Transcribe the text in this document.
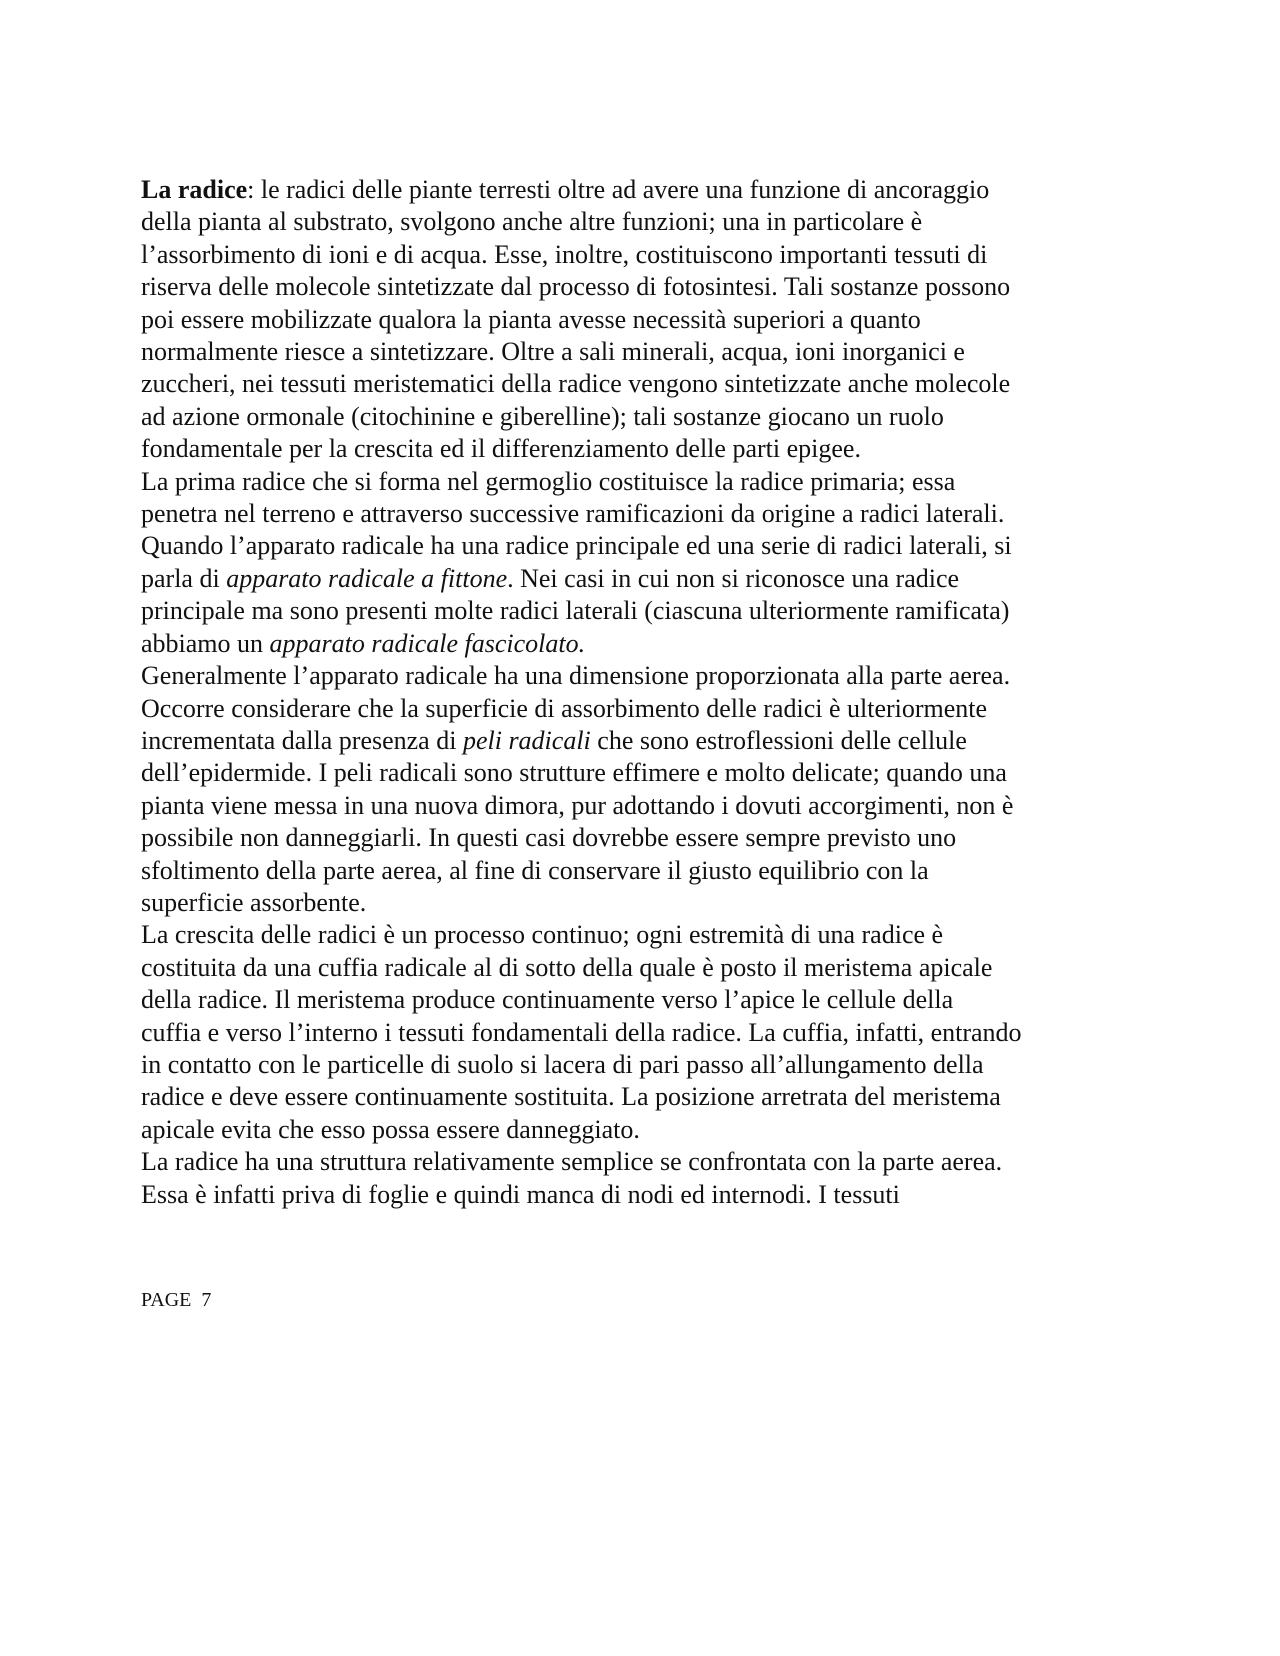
La radice: le radici delle piante terresti oltre ad avere una funzione di ancoraggio
della pianta al substrato, svolgono anche altre funzioni; una in particolare è
l’assorbimento di ioni e di acqua. Esse, inoltre, costituiscono importanti tessuti di
riserva delle molecole sintetizzate dal processo di fotosintesi. Tali sostanze possono
poi essere mobilizzate qualora la pianta avesse necessità superiori a quanto
normalmente riesce a sintetizzare. Oltre a sali minerali, acqua, ioni inorganici e
zuccheri, nei tessuti meristematici della radice vengono sintetizzate anche molecole
ad azione ormonale (citochinine e giberelline); tali sostanze giocano un ruolo
fondamentale per la crescita ed il differenziamento delle parti epigee.

La prima radice che si forma nel germoglio costituisce la radice primaria; essa
penetra nel terreno e attraverso successive ramificazioni da origine a radici laterali.
Quando l’apparato radicale ha una radice principale ed una serie di radici laterali, si
parla di apparato radicale a fittone. Nei casi in cui non si riconosce una radice
principale ma sono presenti molte radici laterali (ciascuna ulteriormente ramificata)
abbiamo un apparato radicale fascicolato.

Generalmente l’apparato radicale ha una dimensione proporzionata alla parte aerea.
Occorre considerare che la superficie di assorbimento delle radici è ulteriormente
incrementata dalla presenza di peli radicali che sono estroflessioni delle cellule
dell’epidermide. I peli radicali sono strutture effimere e molto delicate; quando una
pianta viene messa in una nuova dimora, pur adottando i dovuti accorgimenti, non è
possibile non danneggiarli. In questi casi dovrebbe essere sempre previsto uno
sfoltimento della parte aerea, al fine di conservare il giusto equilibrio con la
superficie assorbente.

La crescita delle radici è un processo continuo; ogni estremità di una radice è
costituita da una cuffia radicale al di sotto della quale è posto il meristema apicale
della radice. Il meristema produce continuamente verso l’apice le cellule della
cuffia e verso l’interno i tessuti fondamentali della radice. La cuffia, infatti, entrando
in contatto con le particelle di suolo si lacera di pari passo all’allungamento della
radice e deve essere continuamente sostituita. La posizione arretrata del meristema
apicale evita che esso possa essere danneggiato.

La radice ha una struttura relativamente semplice se confrontata con la parte aerea.
Essa è infatti priva di foglie e quindi manca di nodi ed internodi. I tessuti

PAGE  7
